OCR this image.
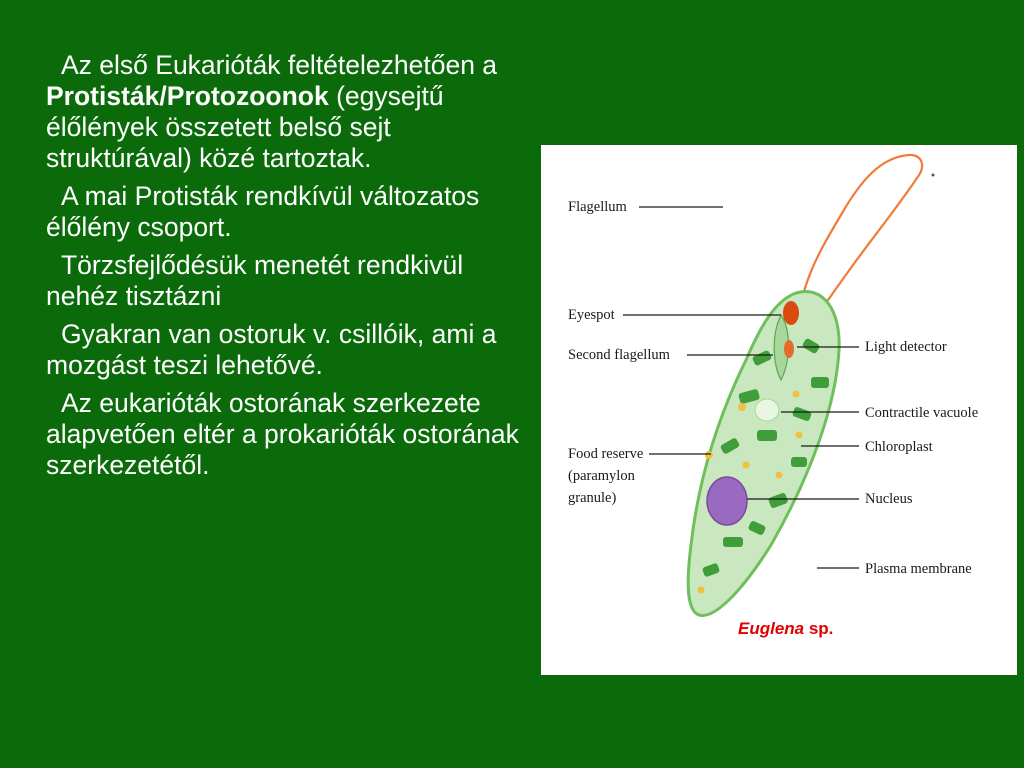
Az első Eukarióták feltételezhetően a Protisták/Protozoonok (egysejtű élőlények összetett belső sejt struktúrával) közé tartoztak.

A mai Protisták rendkívül változatos élőlény csoport.

Törzsfejlődésük menetét rendkivül nehéz tisztázni

Gyakran van ostoruk v. csillóik, ami a mozgást teszi lehetővé.

Az eukarióták ostorának szerkezete alapvetően eltér a prokarióták ostorának szerkezetétől.

Flagellum
Eyespot
Second flagellum
Food reserve
(paramylon
granule)
Light detector
Contractile vacuole
Chloroplast
Nucleus
Plasma membrane
Euglena sp.
